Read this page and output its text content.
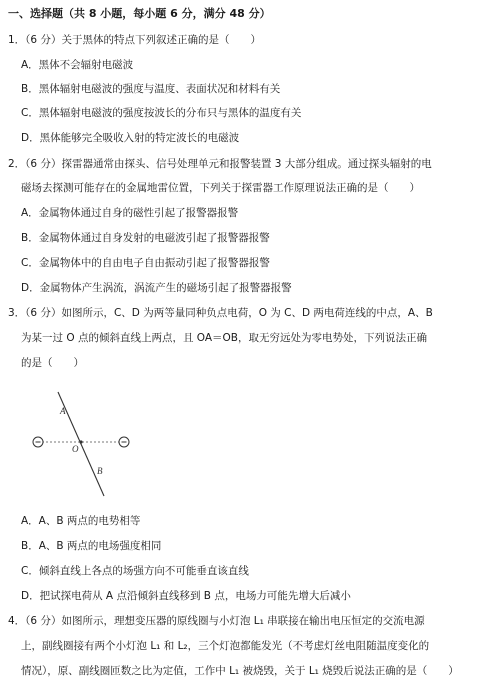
一、选择题（共 8 小题，每小题 6 分，满分 48 分）
1．（6 分）关于黑体的特点下列叙述正确的是（　　）
A．黑体不会辐射电磁波
B．黑体辐射电磁波的强度与温度、表面状况和材料有关
C．黑体辐射电磁波的强度按波长的分布只与黑体的温度有关
D．黑体能够完全吸收入射的特定波长的电磁波
2．（6 分）探雷器通常由探头、信号处理单元和报警装置 3 大部分组成。通过探头辐射的电
磁场去探测可能存在的金属地雷位置，下列关于探雷器工作原理说法正确的是（　　）
A．金属物体通过自身的磁性引起了报警器报警
B．金属物体通过自身发射的电磁波引起了报警器报警
C．金属物体中的自由电子自由振动引起了报警器报警
D．金属物体产生涡流，涡流产生的磁场引起了报警器报警
3．（6 分）如图所示，C、D 为两等量同种负点电荷，O 为 C、D 两电荷连线的中点，A、B
为某一过 O 点的倾斜直线上两点，且 OA＝OB，取无穷远处为零电势处，下列说法正确
的是（　　）
A
O
B
A．A、B 两点的电势相等
B．A、B 两点的电场强度相同
C．倾斜直线上各点的场强方向不可能垂直该直线
D．把试探电荷从 A 点沿倾斜直线移到 B 点，电场力可能先增大后减小
4．（6 分）如图所示，理想变压器的原线圈与小灯泡 L₁ 串联接在输出电压恒定的交流电源
上，副线圈接有两个小灯泡 L₁ 和 L₂，三个灯泡都能发光（不考虑灯丝电阻随温度变化的
情况），原、副线圈匝数之比为定值，工作中 L₁ 被烧毁，关于 L₁ 烧毁后说法正确的是（　　）
